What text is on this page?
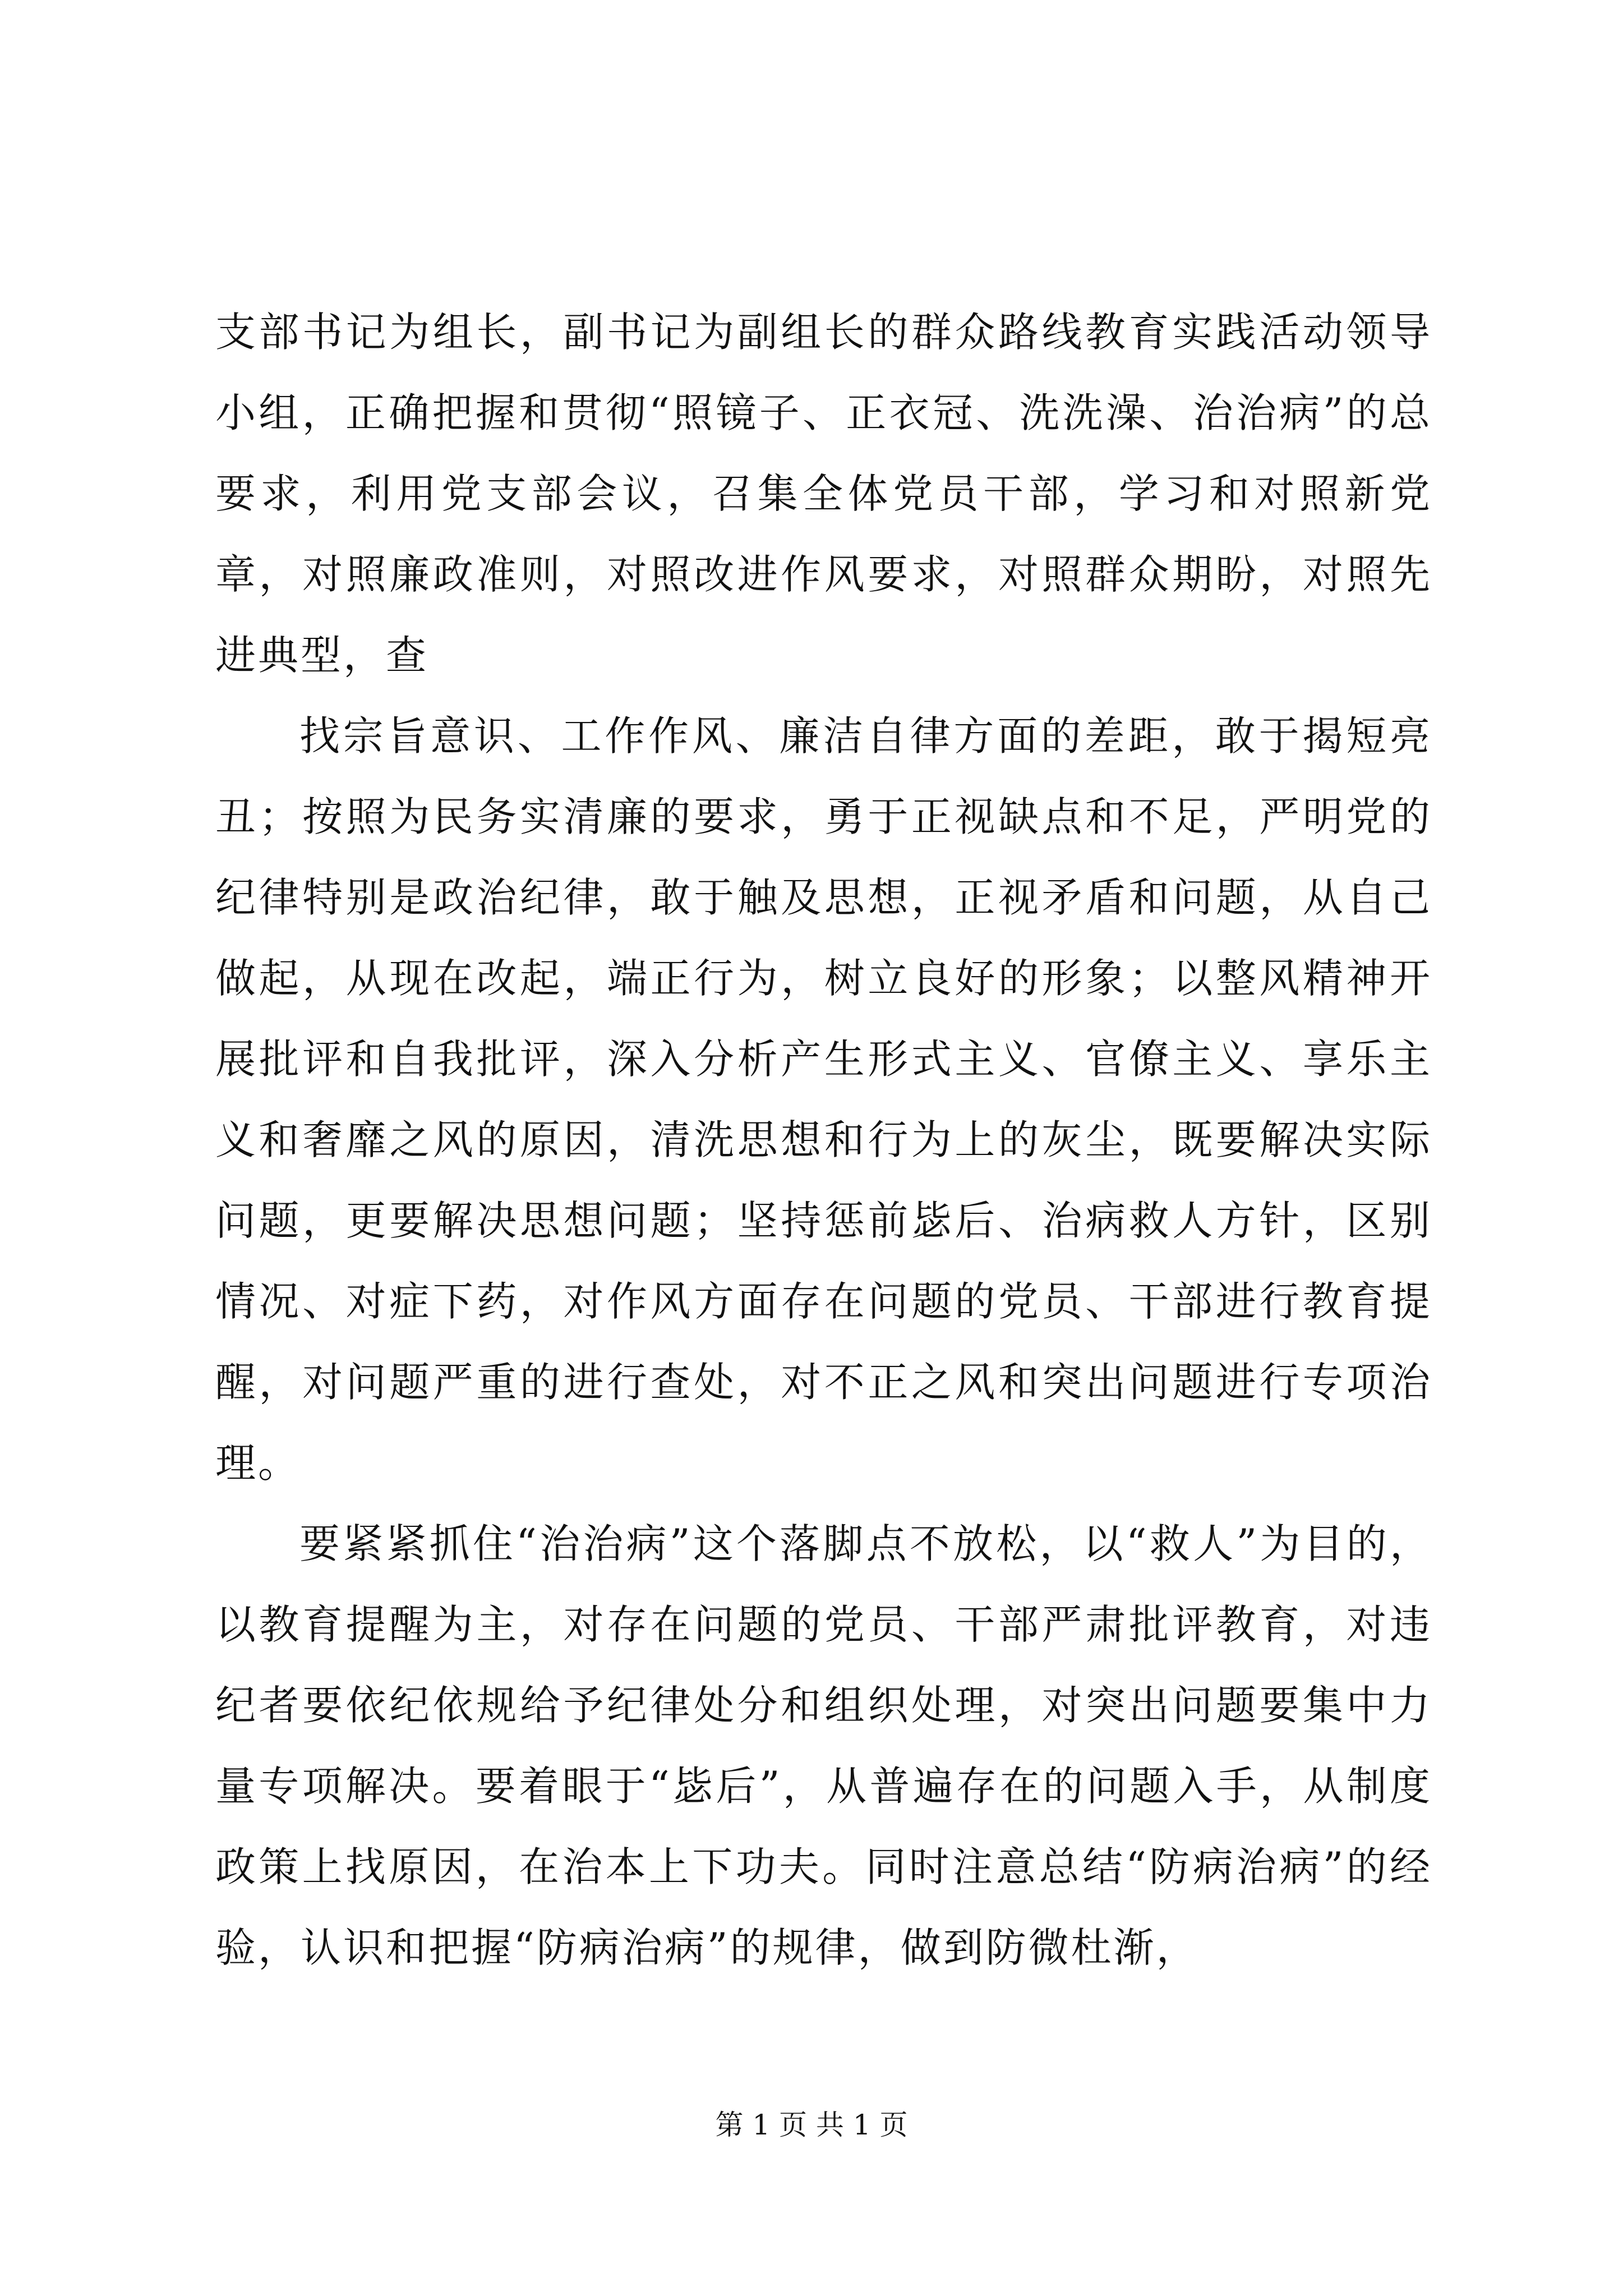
支部书记为组长，副书记为副组长的群众路线教育实践活动领导小组，正确把握和贯彻“照镜子、正衣冠、洗洗澡、治治病”的总要求，利用党支部会议，召集全体党员干部，学习和对照新党章，对照廉政准则，对照改进作风要求，对照群众期盼，对照先进典型，查

找宗旨意识、工作作风、廉洁自律方面的差距，敢于揭短亮丑；按照为民务实清廉的要求，勇于正视缺点和不足，严明党的纪律特别是政治纪律，敢于触及思想，正视矛盾和问题，从自己做起，从现在改起，端正行为，树立良好的形象；以整风精神开展批评和自我批评，深入分析产生形式主义、官僚主义、享乐主义和奢靡之风的原因，清洗思想和行为上的灰尘，既要解决实际问题，更要解决思想问题；坚持惩前毖后、治病救人方针，区别情况、对症下药，对作风方面存在问题的党员、干部进行教育提醒，对问题严重的进行查处，对不正之风和突出问题进行专项治理。

要紧紧抓住“治治病”这个落脚点不放松，以“救人”为目的，以教育提醒为主，对存在问题的党员、干部严肃批评教育，对违纪者要依纪依规给予纪律处分和组织处理，对突出问题要集中力量专项解决。要着眼于“毖后”，从普遍存在的问题入手，从制度政策上找原因，在治本上下功夫。同时注意总结“防病治病”的经验，认识和把握“防病治病”的规律，做到防微杜渐，

第 1 页 共 1 页
